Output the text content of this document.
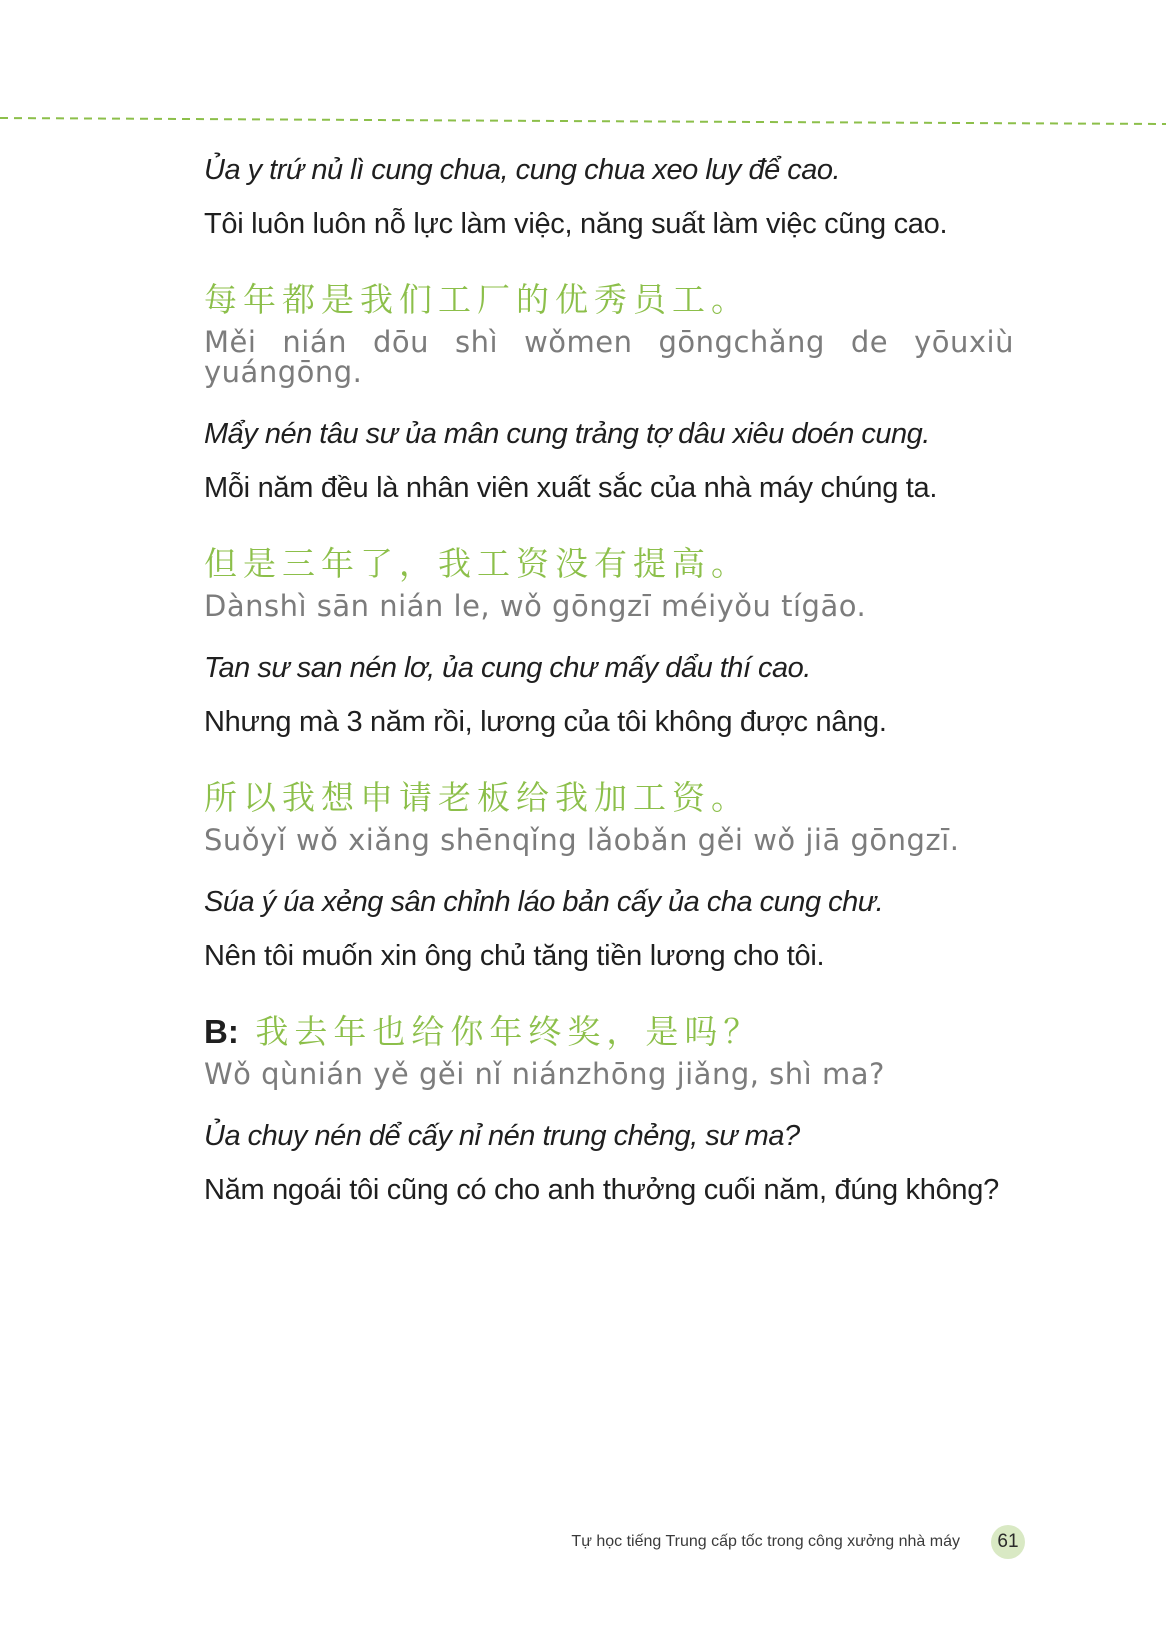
Ủa y trứ nủ lì cung chua, cung chua xeo luy để cao.

Tôi luôn luôn nỗ lực làm việc, năng suất làm việc cũng cao.

每年都是我们工厂的优秀员工。

Měi nián dōu shì wǒmen gōngchǎng de yōuxiù yuángōng.

Mẩy nén tâu sư ủa mân cung trảng tợ dâu xiêu doén cung.

Mỗi năm đều là nhân viên xuất sắc của nhà máy chúng ta.

但是三年了，我工资没有提高。

Dànshì sān nián le, wǒ gōngzī méiyǒu tígāo.

Tan sư san nén lơ, ủa cung chư mấy dẩu thí cao.

Nhưng mà 3 năm rồi, lương của tôi không được nâng.

所以我想申请老板给我加工资。

Suǒyǐ wǒ xiǎng shēnqǐng lǎobǎn gěi wǒ jiā gōngzī.

Súa ý úa xẻng sân chỉnh láo bản cấy ủa cha cung chư.

Nên tôi muốn xin ông chủ tăng tiền lương cho tôi.

B: 我去年也给你年终奖，是吗？

Wǒ qùnián yě gěi nǐ niánzhōng jiǎng, shì ma?

Ủa chuy nén dể cấy nỉ nén trung chẻng, sư ma?

Năm ngoái tôi cũng có cho anh thưởng cuối năm, đúng không?

Tự học tiếng Trung cấp tốc trong công xưởng nhà máy	61
